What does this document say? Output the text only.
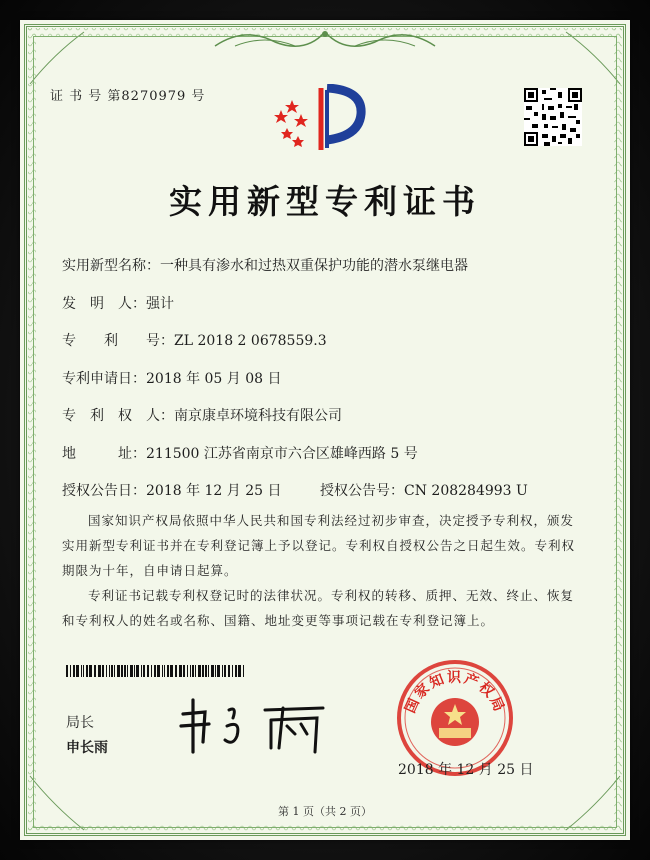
证 书 号 第8270979 号
实用新型专利证书
实用新型名称：一种具有渗水和过热双重保护功能的潜水泵继电器
发　明　人：强计
专　　利　　号：ZL 2018 2 0678559.3
专利申请日：2018 年 05 月 08 日
专　利　权　人：南京康卓环境科技有限公司
地　　　址：211500 江苏省南京市六合区雄峰西路 5 号
授权公告日：2018 年 12 月 25 日	授权公告号：CN 208284993 U
国家知识产权局依照中华人民共和国专利法经过初步审查，决定授予专利权，颁发实用新型专利证书并在专利登记簿上予以登记。专利权自授权公告之日起生效。专利权期限为十年，自申请日起算。
专利证书记载专利权登记时的法律状况。专利权的转移、质押、无效、终止、恢复和专利权人的姓名或名称、国籍、地址变更等事项记载在专利登记簿上。
局长
申长雨
国家知识产权局
2018 年 12 月 25 日
第 1 页（共 2 页）
